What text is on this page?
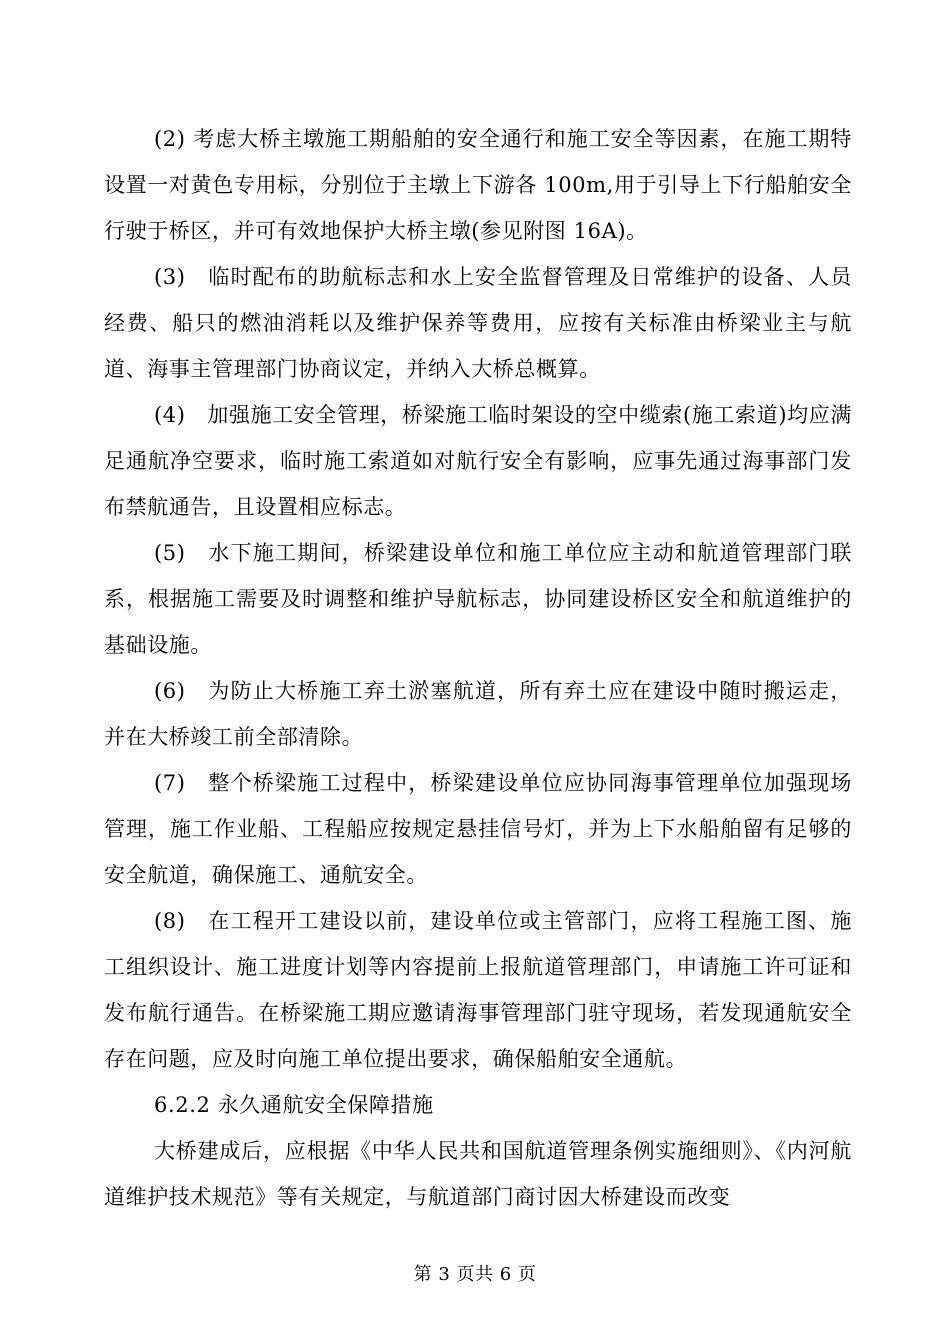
(2) 考虑大桥主墩施工期船舶的安全通行和施工安全等因素，在施工期特设置一对黄色专用标，分别位于主墩上下游各 100m,用于引导上下行船舶安全行驶于桥区，并可有效地保护大桥主墩(参见附图 16A)。

(3)　临时配布的助航标志和水上安全监督管理及日常维护的设备、人员经费、船只的燃油消耗以及维护保养等费用，应按有关标准由桥梁业主与航道、海事主管理部门协商议定，并纳入大桥总概算。

(4)　加强施工安全管理，桥梁施工临时架设的空中缆索(施工索道)均应满足通航净空要求，临时施工索道如对航行安全有影响，应事先通过海事部门发布禁航通告，且设置相应标志。

(5)　水下施工期间，桥梁建设单位和施工单位应主动和航道管理部门联系，根据施工需要及时调整和维护导航标志，协同建设桥区安全和航道维护的基础设施。

(6)　为防止大桥施工弃土淤塞航道，所有弃土应在建设中随时搬运走，并在大桥竣工前全部清除。

(7)　整个桥梁施工过程中，桥梁建设单位应协同海事管理单位加强现场管理，施工作业船、工程船应按规定悬挂信号灯，并为上下水船舶留有足够的安全航道，确保施工、通航安全。

(8)　在工程开工建设以前，建设单位或主管部门，应将工程施工图、施工组织设计、施工进度计划等内容提前上报航道管理部门，申请施工许可证和发布航行通告。在桥梁施工期应邀请海事管理部门驻守现场，若发现通航安全存在问题，应及时向施工单位提出要求，确保船舶安全通航。

6.2.2 永久通航安全保障措施

大桥建成后，应根据《中华人民共和国航道管理条例实施细则》、《内河航道维护技术规范》等有关规定，与航道部门商讨因大桥建设而改变

第 3 页共 6 页
